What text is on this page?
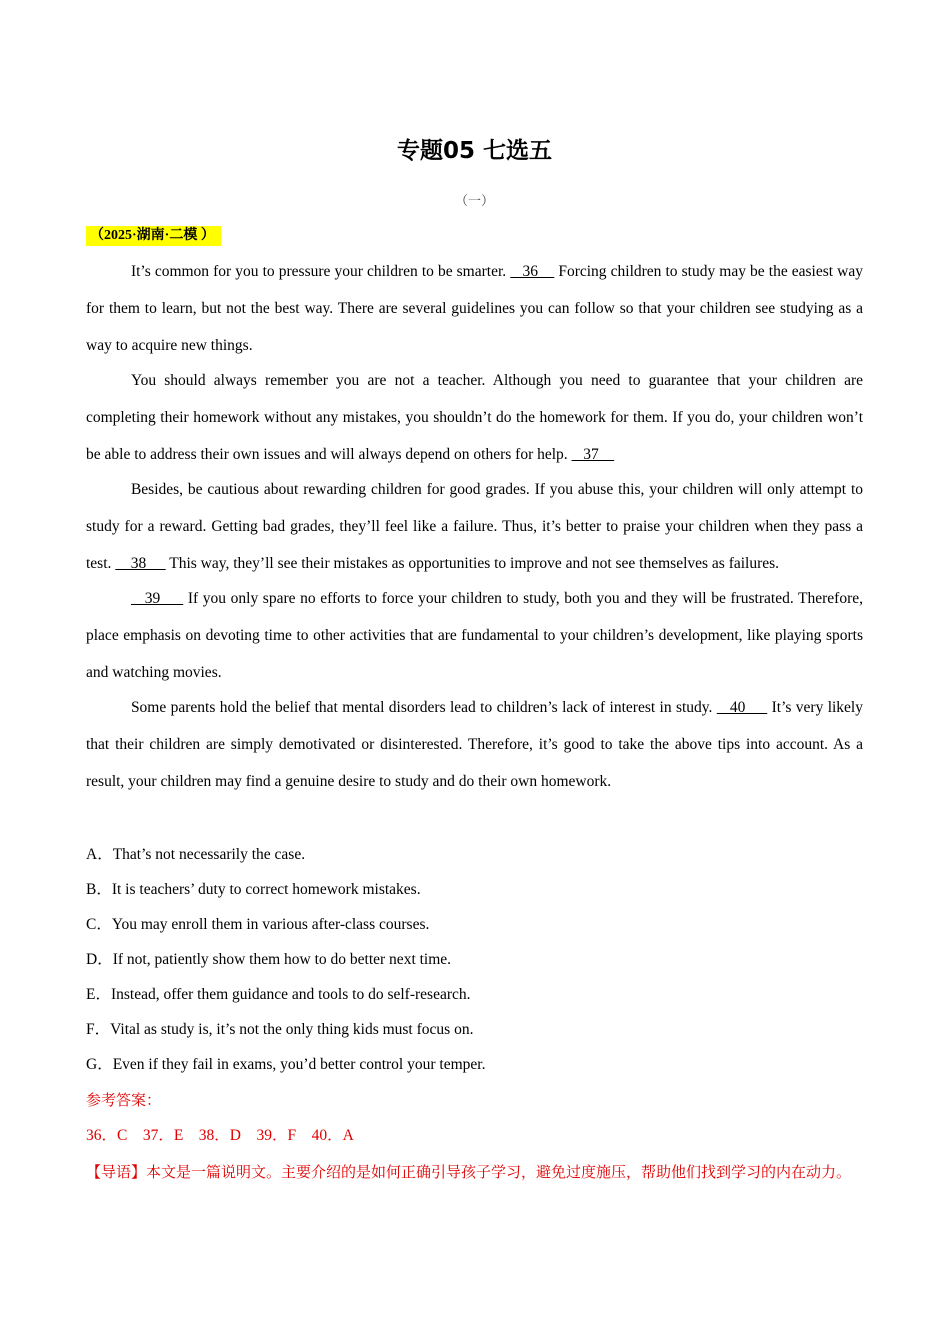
专题05 七选五
（一）
（2025·湖南·二模 ）

It’s common for you to pressure your children to be smarter.    36     Forcing children to study may be the easiest way for them to learn, but not the best way. There are several guidelines you can follow so that your children see studying as a way to acquire new things.

You should always remember you are not a teacher. Although you need to guarantee that your children are completing their homework without any mistakes, you shouldn’t do the homework for them. If you do, your children won’t be able to address their own issues and will always depend on others for help.    37

Besides, be cautious about rewarding children for good grades. If you abuse this, your children will only attempt to study for a reward. Getting bad grades, they’ll feel like a failure. Thus, it’s better to praise your children when they pass a test.     38      This way, they’ll see their mistakes as opportunities to improve and not see themselves as failures.

39      If you only spare no efforts to force your children to study, both you and they will be frustrated. Therefore, place emphasis on devoting time to other activities that are fundamental to your children’s development, like playing sports and watching movies.

Some parents hold the belief that mental disorders lead to children’s lack of interest in study.    40      It’s very likely that their children are simply demotivated or disinterested. Therefore, it’s good to take the above tips into account. As a result, your children may find a genuine desire to study and do their own homework.

A．That’s not necessarily the case.
B．It is teachers’ duty to correct homework mistakes.
C．You may enroll them in various after-class courses.
D．If not, patiently show them how to do better next time.
E．Instead, offer them guidance and tools to do self-research.
F．Vital as study is, it’s not the only thing kids must focus on.
G．Even if they fail in exams, you’d better control your temper.
参考答案：
36．C    37．E    38．D    39．F    40．A
【导语】本文是一篇说明文。主要介绍的是如何正确引导孩子学习，避免过度施压，帮助他们找到学习的内在动力。
